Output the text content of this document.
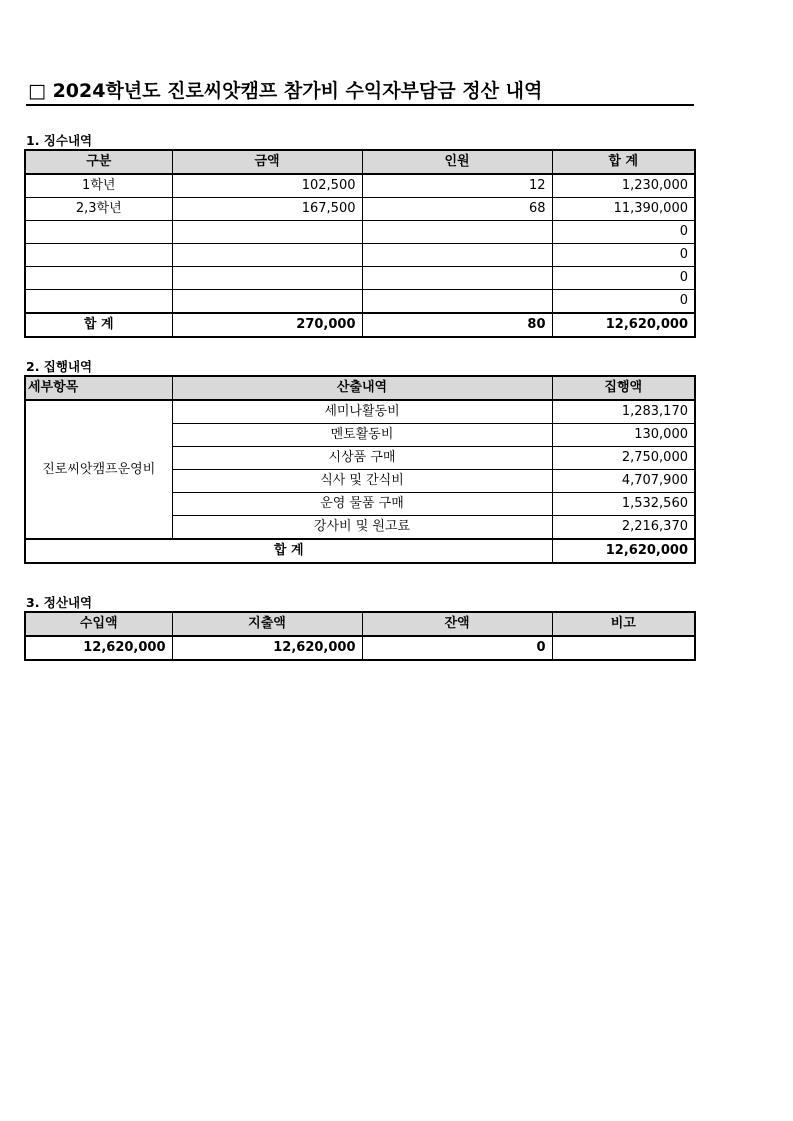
□ 2024학년도 진로씨앗캠프 참가비 수익자부담금 정산 내역
1. 징수내역
구분	금액	인원	합 계
1학년	102,500	12	1,230,000
2,3학년	167,500	68	11,390,000
			0
			0
			0
			0
합 계	270,000	80	12,620,000
2. 집행내역
세부항목	산출내역	집행액
진로씨앗캠프운영비	세미나활동비	1,283,170
	멘토활동비	130,000
	시상품 구매	2,750,000
	식사 및 간식비	4,707,900
	운영 물품 구매	1,532,560
	강사비 및 원고료	2,216,370
합 계		12,620,000
3. 정산내역
수입액	지출액	잔액	비고
12,620,000	12,620,000	0	
